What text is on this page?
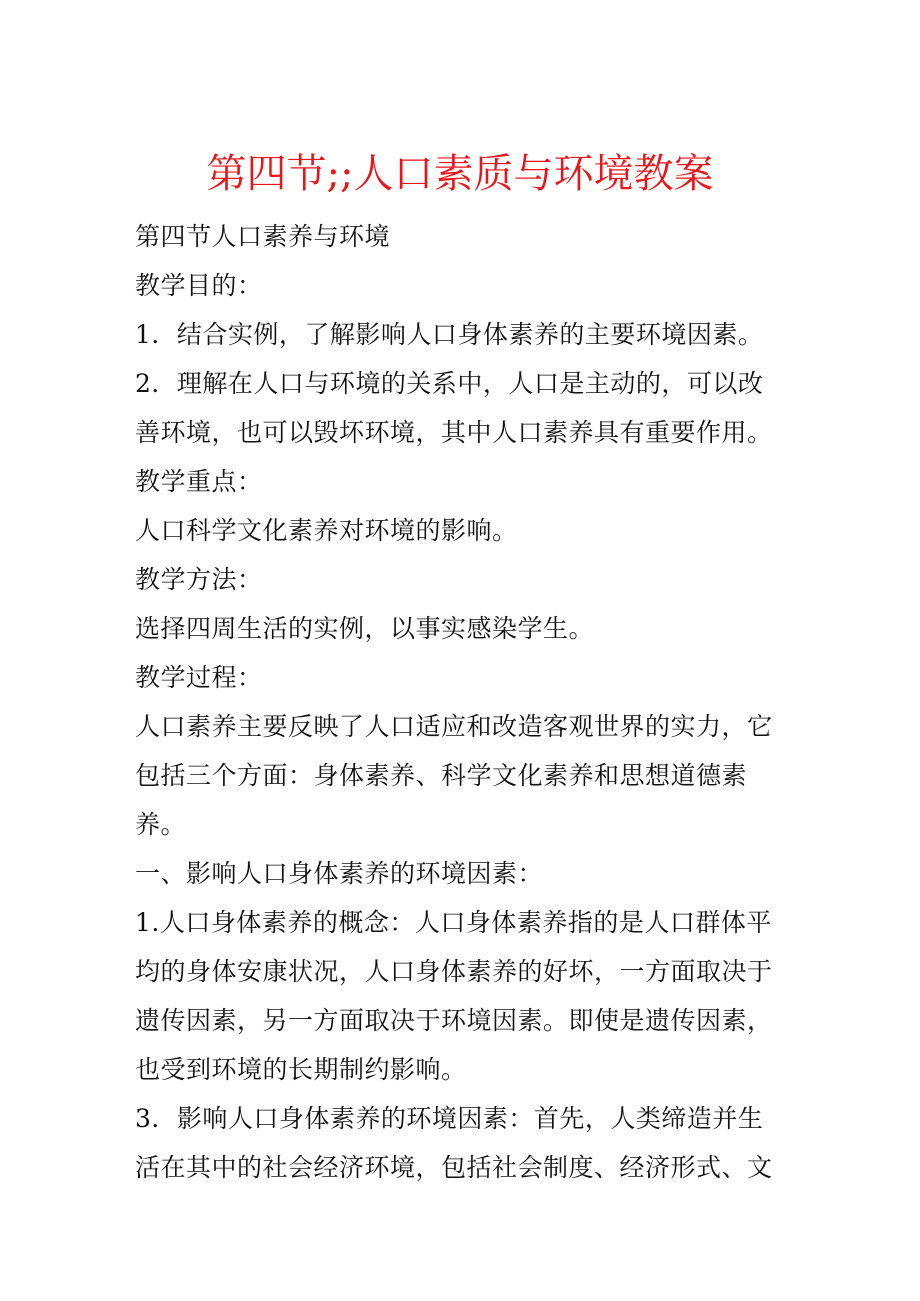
第四节;;人口素质与环境教案
第四节人口素养与环境
教学目的：
1．结合实例，了解影响人口身体素养的主要环境因素。
2．理解在人口与环境的关系中，人口是主动的，可以改
善环境，也可以毁坏环境，其中人口素养具有重要作用。
教学重点：
人口科学文化素养对环境的影响。
教学方法：
选择四周生活的实例，以事实感染学生。
教学过程：
人口素养主要反映了人口适应和改造客观世界的实力，它
包括三个方面：身体素养、科学文化素养和思想道德素
养。
一、影响人口身体素养的环境因素：
1.人口身体素养的概念：人口身体素养指的是人口群体平
均的身体安康状况，人口身体素养的好坏，一方面取决于
遗传因素，另一方面取决于环境因素。即使是遗传因素，
也受到环境的长期制约影响。
3．影响人口身体素养的环境因素：首先，人类缔造并生
活在其中的社会经济环境，包括社会制度、经济形式、文
